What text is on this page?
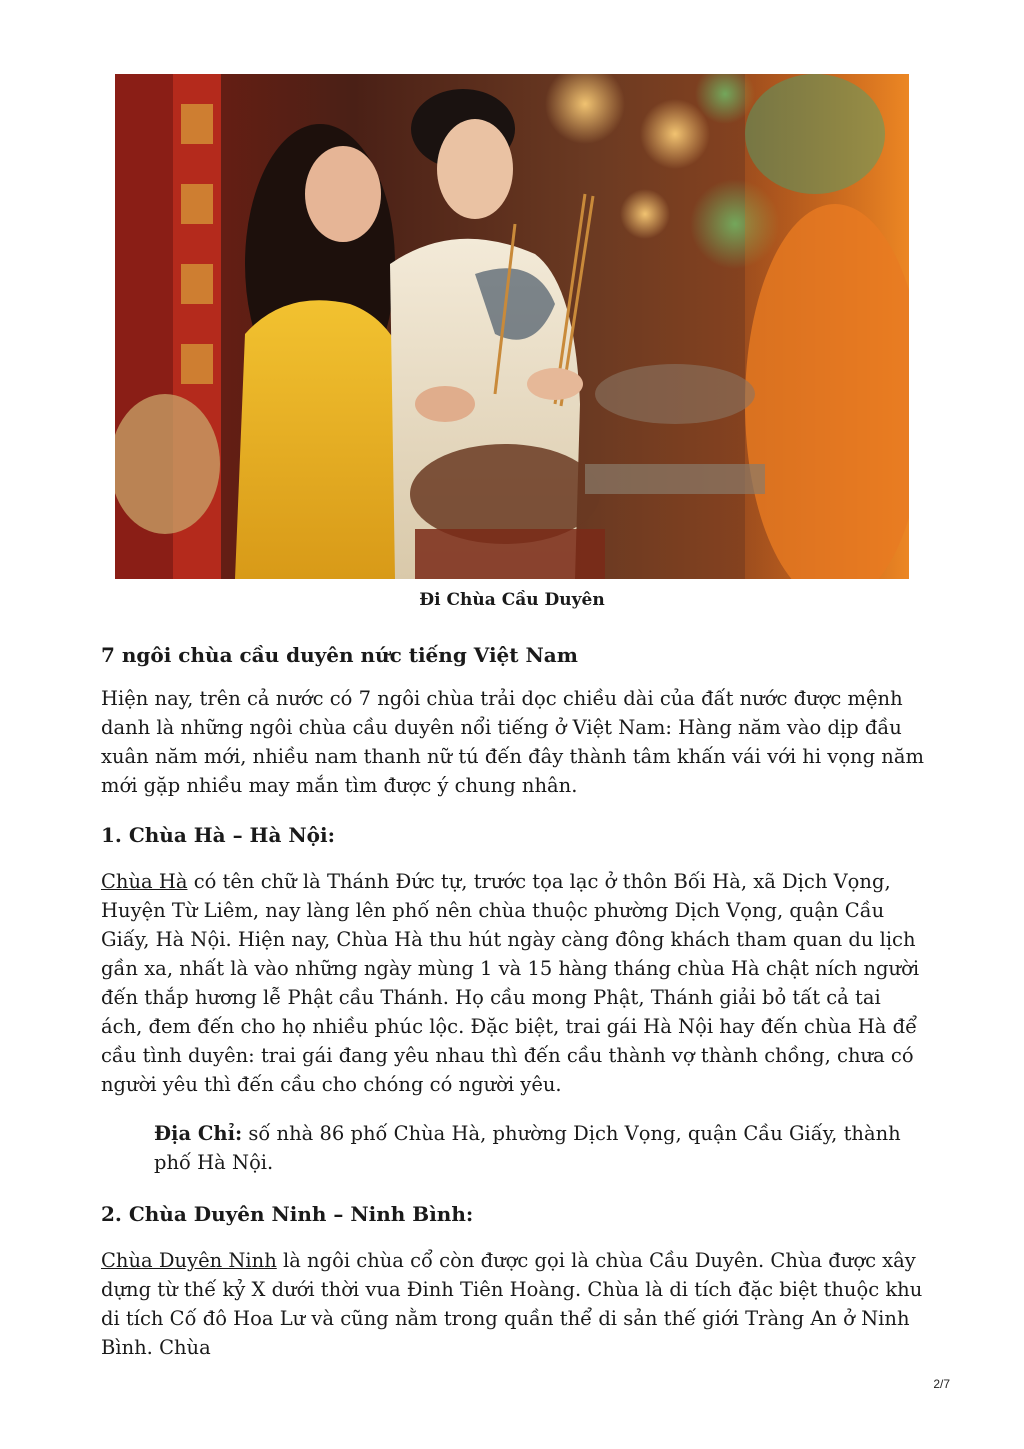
Đi Chùa Cầu Duyên
7 ngôi chùa cầu duyên nức tiếng Việt Nam

Hiện nay, trên cả nước có 7 ngôi chùa trải dọc chiều dài của đất nước được mệnh danh là những ngôi chùa cầu duyên nổi tiếng ở Việt Nam: Hàng năm vào dịp đầu xuân năm mới, nhiều nam thanh nữ tú đến đây thành tâm khấn vái với hi vọng năm mới gặp nhiều may mắn tìm được ý chung nhân.

1. Chùa Hà – Hà Nội:

Chùa Hà có tên chữ là Thánh Đức tự, trước tọa lạc ở thôn Bối Hà, xã Dịch Vọng, Huyện Từ Liêm, nay làng lên phố nên chùa thuộc phường Dịch Vọng, quận Cầu Giấy, Hà Nội. Hiện nay, Chùa Hà thu hút ngày càng đông khách tham quan du lịch gần xa, nhất là vào những ngày mùng 1 và 15 hàng tháng chùa Hà chật ních người đến thắp hương lễ Phật cầu Thánh. Họ cầu mong Phật, Thánh giải bỏ tất cả tai ách, đem đến cho họ nhiều phúc lộc. Đặc biệt, trai gái Hà Nội hay đến chùa Hà để cầu tình duyên: trai gái đang yêu nhau thì đến cầu thành vợ thành chồng, chưa có người yêu thì đến cầu cho chóng có người yêu.

Địa Chỉ: số nhà 86 phố Chùa Hà, phường Dịch Vọng, quận Cầu Giấy, thành phố Hà Nội.

2. Chùa Duyên Ninh – Ninh Bình:

Chùa Duyên Ninh là ngôi chùa cổ còn được gọi là chùa Cầu Duyên. Chùa được xây dựng từ thế kỷ X dưới thời vua Đinh Tiên Hoàng. Chùa là di tích đặc biệt thuộc khu di tích Cố đô Hoa Lư và cũng nằm trong quần thể di sản thế giới Tràng An ở Ninh Bình. Chùa

2/7
